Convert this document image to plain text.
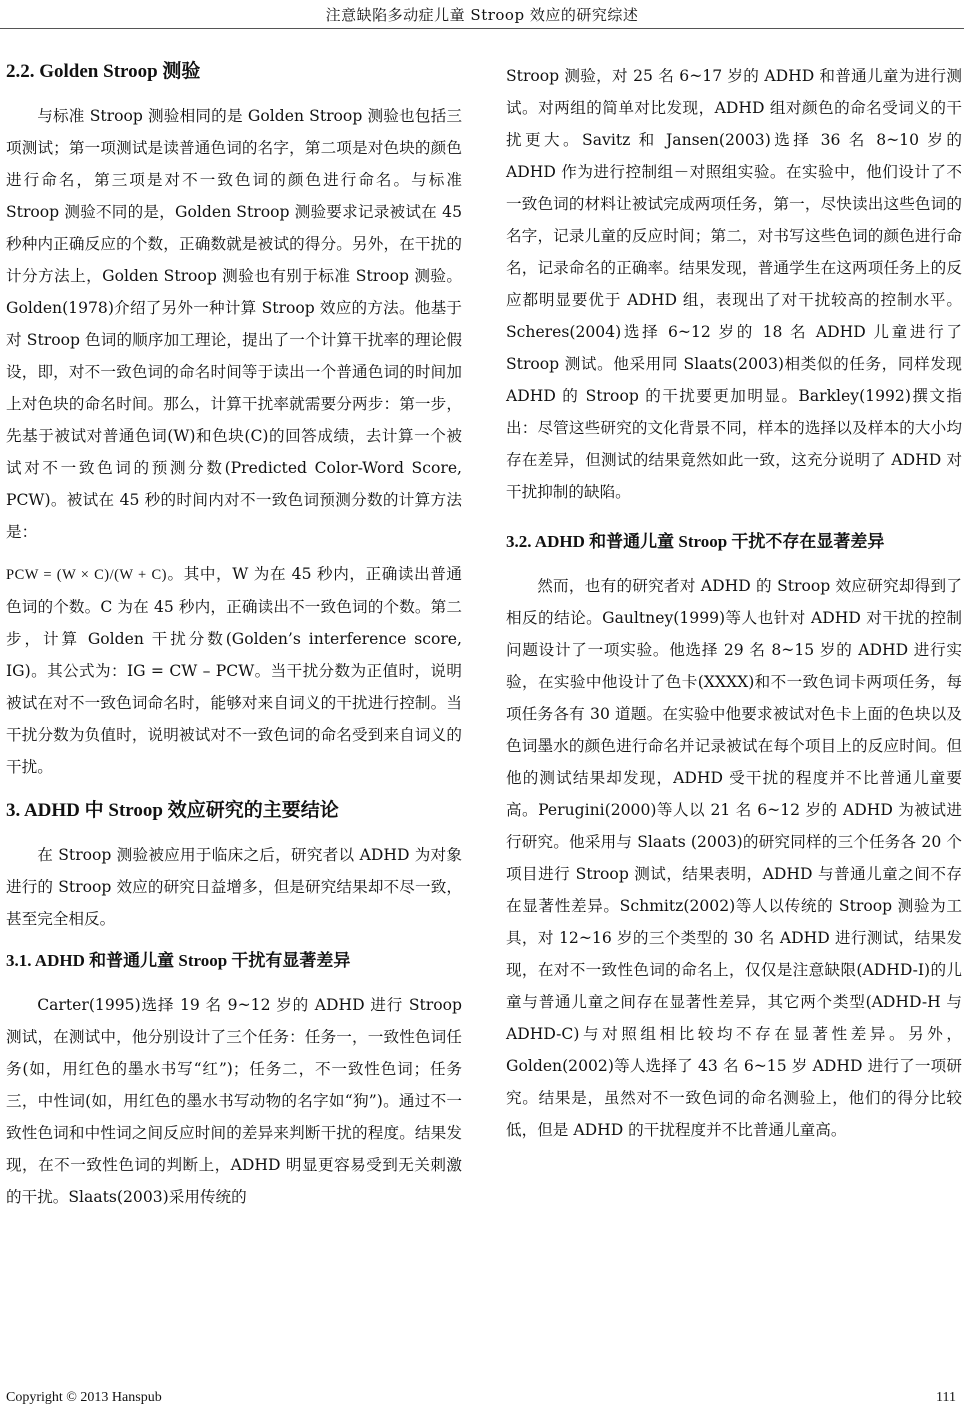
注意缺陷多动症儿童 Stroop 效应的研究综述
2.2. Golden Stroop 测验

与标准 Stroop 测验相同的是 Golden Stroop 测验也包括三项测试；第一项测试是读普通色词的名字，第二项是对色块的颜色进行命名，第三项是对不一致色词的颜色进行命名。与标准 Stroop 测验不同的是，Golden Stroop 测验要求记录被试在 45 秒种内正确反应的个数，正确数就是被试的得分。另外，在干扰的计分方法上，Golden Stroop 测验也有别于标准 Stroop 测验。Golden(1978)介绍了另外一种计算 Stroop 效应的方法。他基于对 Stroop 色词的顺序加工理论，提出了一个计算干扰率的理论假设，即，对不一致色词的命名时间等于读出一个普通色词的时间加上对色块的命名时间。那么，计算干扰率就需要分两步：第一步，先基于被试对普通色词(W)和色块(C)的回答成绩，去计算一个被试对不一致色词的预测分数(Predicted Color-Word Score, PCW)。被试在 45 秒的时间内对不一致色词预测分数的计算方法是：

PCW = (W × C)/(W + C)。其中，W 为在 45 秒内，正确读出普通色词的个数。C 为在 45 秒内，正确读出不一致色词的个数。第二步，计算 Golden 干扰分数(Golden’s interference score, IG)。其公式为：IG = CW – PCW。当干扰分数为正值时，说明被试在对不一致色词命名时，能够对来自词义的干扰进行控制。当干扰分数为负值时，说明被试对不一致色词的命名受到来自词义的干扰。

3. ADHD 中 Stroop 效应研究的主要结论

在 Stroop 测验被应用于临床之后，研究者以 ADHD 为对象进行的 Stroop 效应的研究日益增多，但是研究结果却不尽一致，甚至完全相反。

3.1. ADHD 和普通儿童 Stroop 干扰有显著差异

Carter(1995)选择 19 名 9~12 岁的 ADHD 进行 Stroop 测试，在测试中，他分别设计了三个任务：任务一，一致性色词任务(如，用红色的墨水书写“红”)；任务二，不一致性色词；任务三，中性词(如，用红色的墨水书写动物的名字如“狗”)。通过不一致性色词和中性词之间反应时间的差异来判断干扰的程度。结果发现，在不一致性色词的判断上，ADHD 明显更容易受到无关刺激的干扰。Slaats(2003)采用传统的

Stroop 测验，对 25 名 6~17 岁的 ADHD 和普通儿童为进行测试。对两组的简单对比发现，ADHD 组对颜色的命名受词义的干扰更大。Savitz 和 Jansen(2003)选择 36 名 8~10 岁的 ADHD 作为进行控制组－对照组实验。在实验中，他们设计了不一致色词的材料让被试完成两项任务，第一，尽快读出这些色词的名字，记录儿童的反应时间；第二，对书写这些色词的颜色进行命名，记录命名的正确率。结果发现，普通学生在这两项任务上的反应都明显要优于 ADHD 组，表现出了对干扰较高的控制水平。Scheres(2004)选择 6~12 岁的 18 名 ADHD 儿童进行了 Stroop 测试。他采用同 Slaats(2003)相类似的任务，同样发现 ADHD 的 Stroop 的干扰要更加明显。Barkley(1992)撰文指出：尽管这些研究的文化背景不同，样本的选择以及样本的大小均存在差异，但测试的结果竟然如此一致，这充分说明了 ADHD 对干扰抑制的缺陷。

3.2. ADHD 和普通儿童 Stroop 干扰不存在显著差异

然而，也有的研究者对 ADHD 的 Stroop 效应研究却得到了相反的结论。Gaultney(1999)等人也针对 ADHD 对干扰的控制问题设计了一项实验。他选择 29 名 8~15 岁的 ADHD 进行实验，在实验中他设计了色卡(XXXX)和不一致色词卡两项任务，每项任务各有 30 道题。在实验中他要求被试对色卡上面的色块以及色词墨水的颜色进行命名并记录被试在每个项目上的反应时间。但他的测试结果却发现，ADHD 受干扰的程度并不比普通儿童要高。Perugini(2000)等人以 21 名 6~12 岁的 ADHD 为被试进行研究。他采用与 Slaats (2003)的研究同样的三个任务各 20 个项目进行 Stroop 测试，结果表明，ADHD 与普通儿童之间不存在显著性差异。Schmitz(2002)等人以传统的 Stroop 测验为工具，对 12~16 岁的三个类型的 30 名 ADHD 进行测试，结果发现，在对不一致性色词的命名上，仅仅是注意缺限(ADHD-I)的儿童与普通儿童之间存在显著性差异，其它两个类型(ADHD-H 与 ADHD-C)与对照组相比较均不存在显著性差异。另外，Golden(2002)等人选择了 43 名 6~15 岁 ADHD 进行了一项研究。结果是，虽然对不一致色词的命名测验上，他们的得分比较低，但是 ADHD 的干扰程度并不比普通儿童高。

Copyright © 2013 Hanspub	111
